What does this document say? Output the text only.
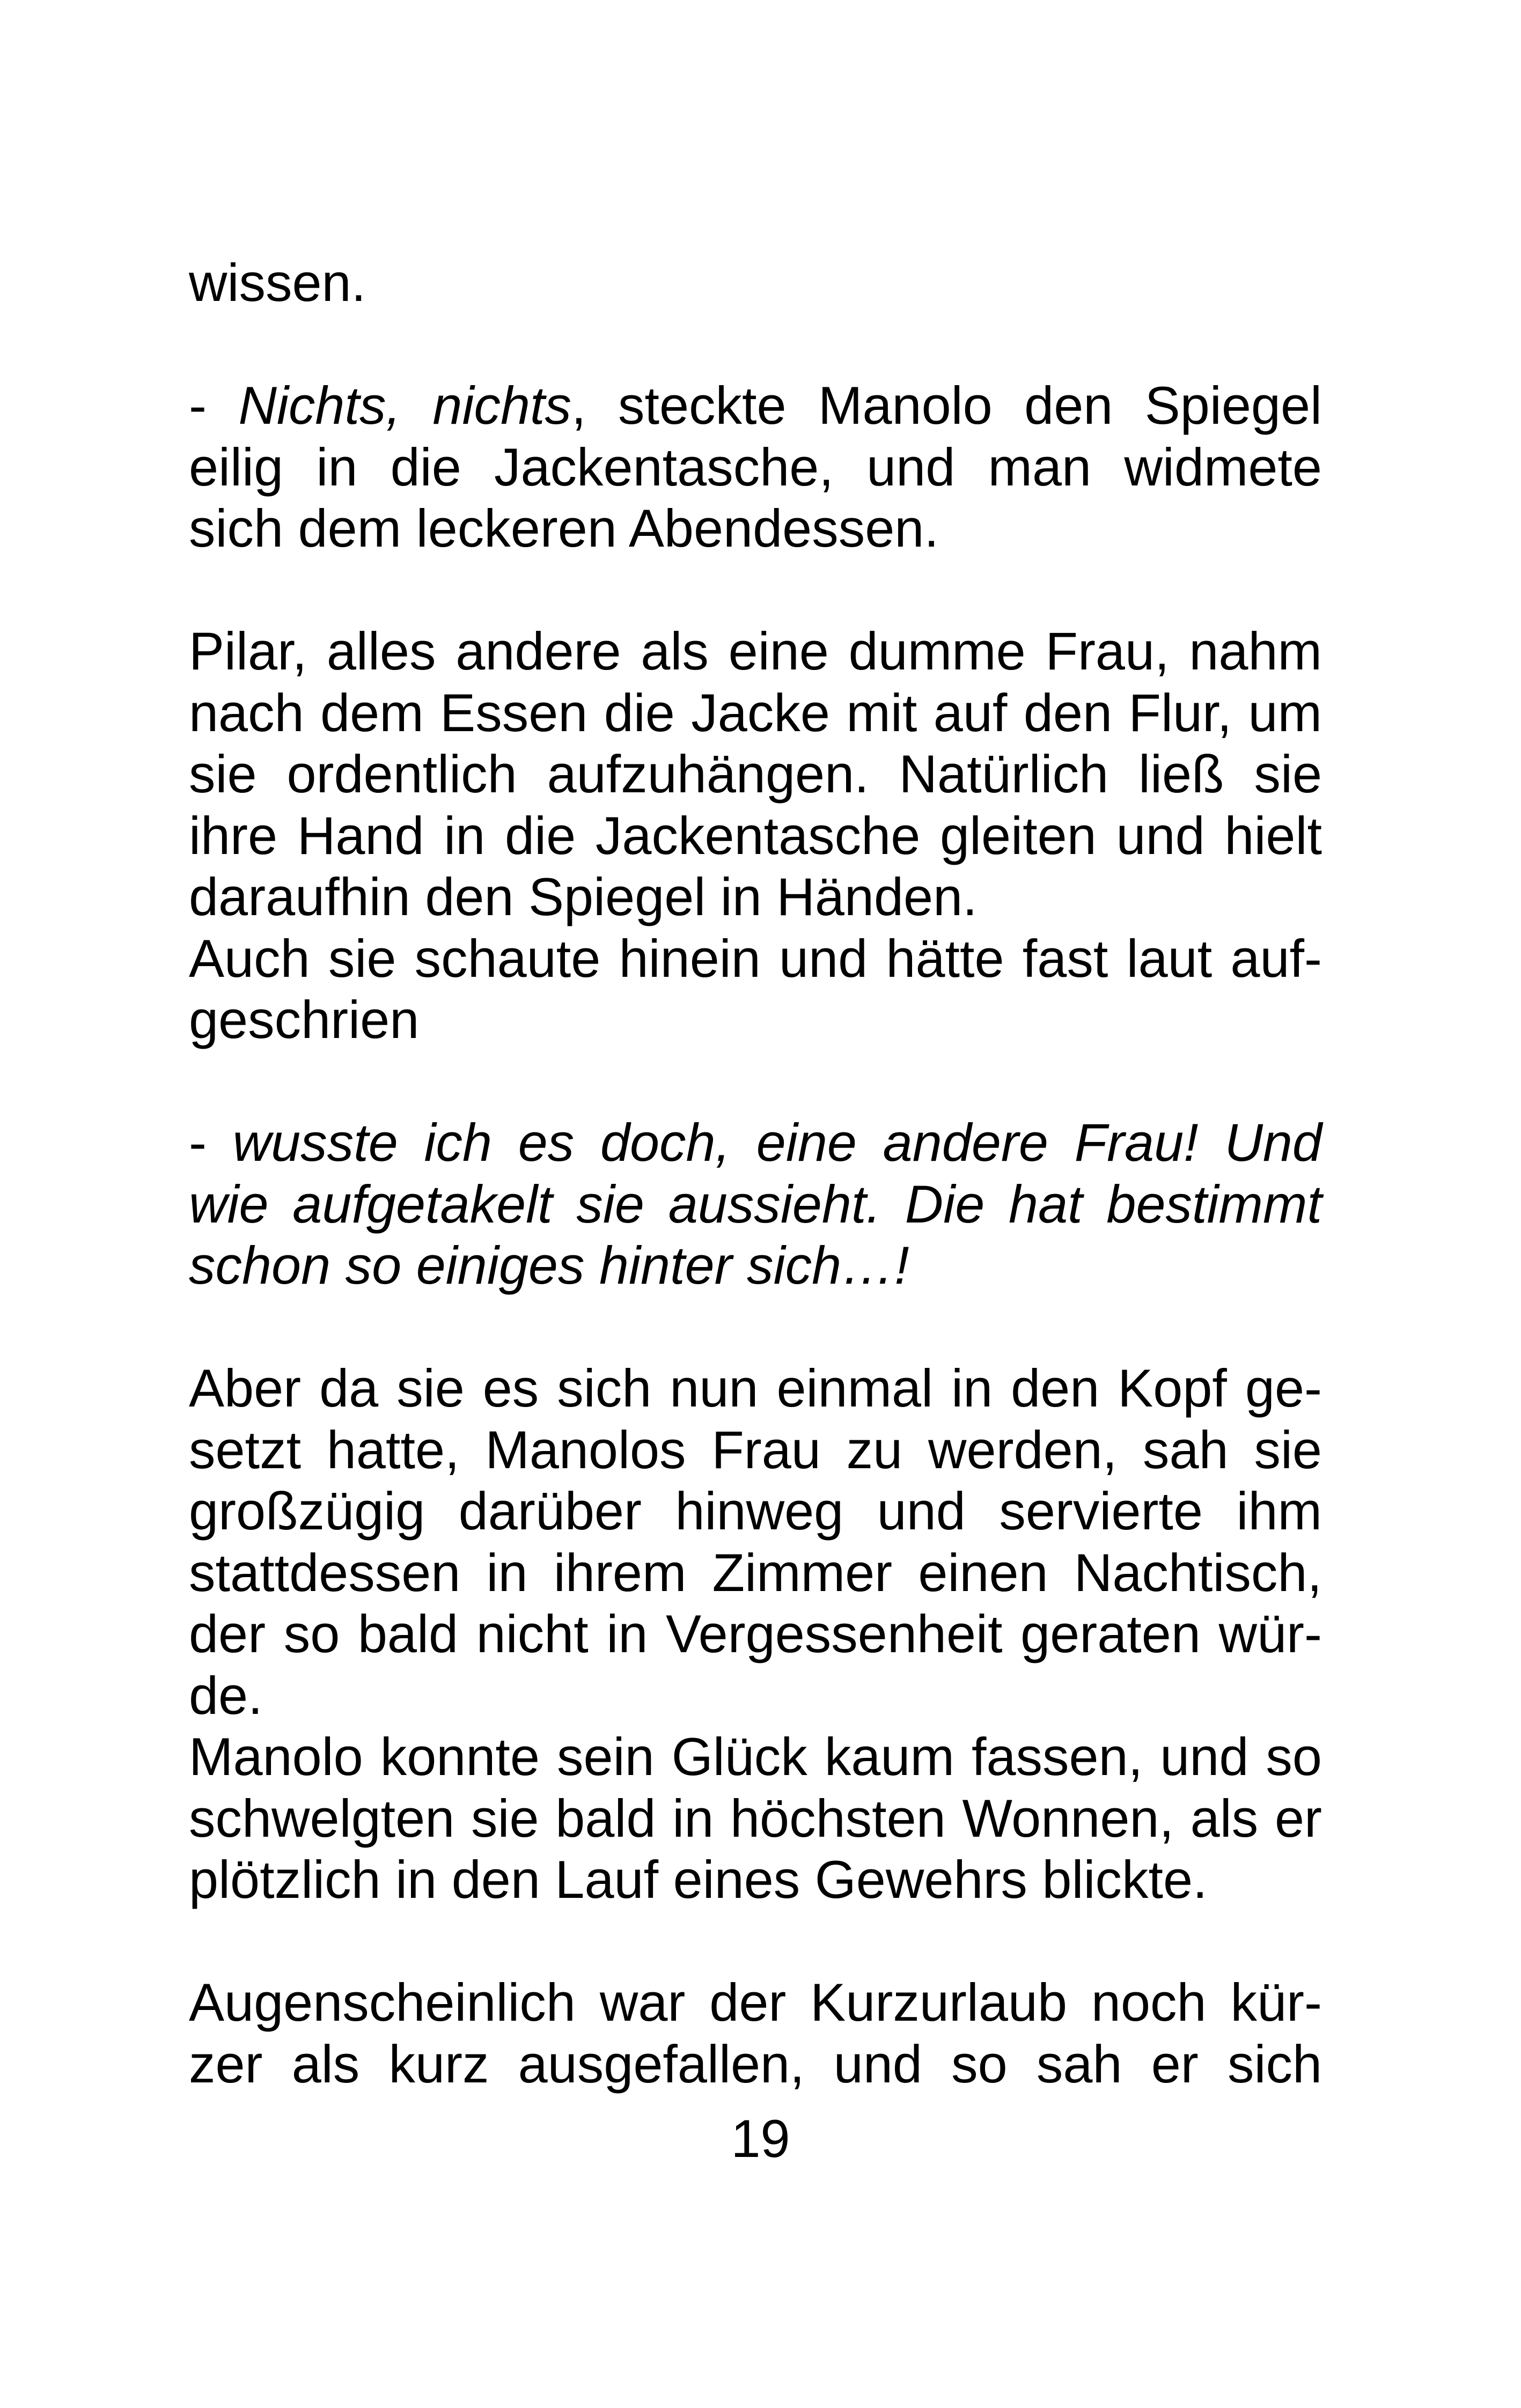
wissen.
- Nichts, nichts, steckte Manolo den Spiegel
eilig in die Jackentasche, und man widmete
sich dem leckeren Abendessen.
Pilar, alles andere als eine dumme Frau, nahm
nach dem Essen die Jacke mit auf den Flur, um
sie ordentlich aufzuhängen. Natürlich ließ sie
ihre Hand in die Jackentasche gleiten und hielt
daraufhin den Spiegel in Händen.
Auch sie schaute hinein und hätte fast laut auf-
geschrien
- wusste ich es doch, eine andere Frau! Und
wie aufgetakelt sie aussieht. Die hat bestimmt
schon so einiges hinter sich…!
Aber da sie es sich nun einmal in den Kopf ge-
setzt hatte, Manolos Frau zu werden, sah sie
großzügig darüber hinweg und servierte ihm
stattdessen in ihrem Zimmer einen Nachtisch,
der so bald nicht in Vergessenheit geraten wür-
de.
Manolo konnte sein Glück kaum fassen, und so
schwelgten sie bald in höchsten Wonnen, als er
plötzlich in den Lauf eines Gewehrs blickte.
Augenscheinlich war der Kurzurlaub noch kür-
zer als kurz ausgefallen, und so sah er sich
19
